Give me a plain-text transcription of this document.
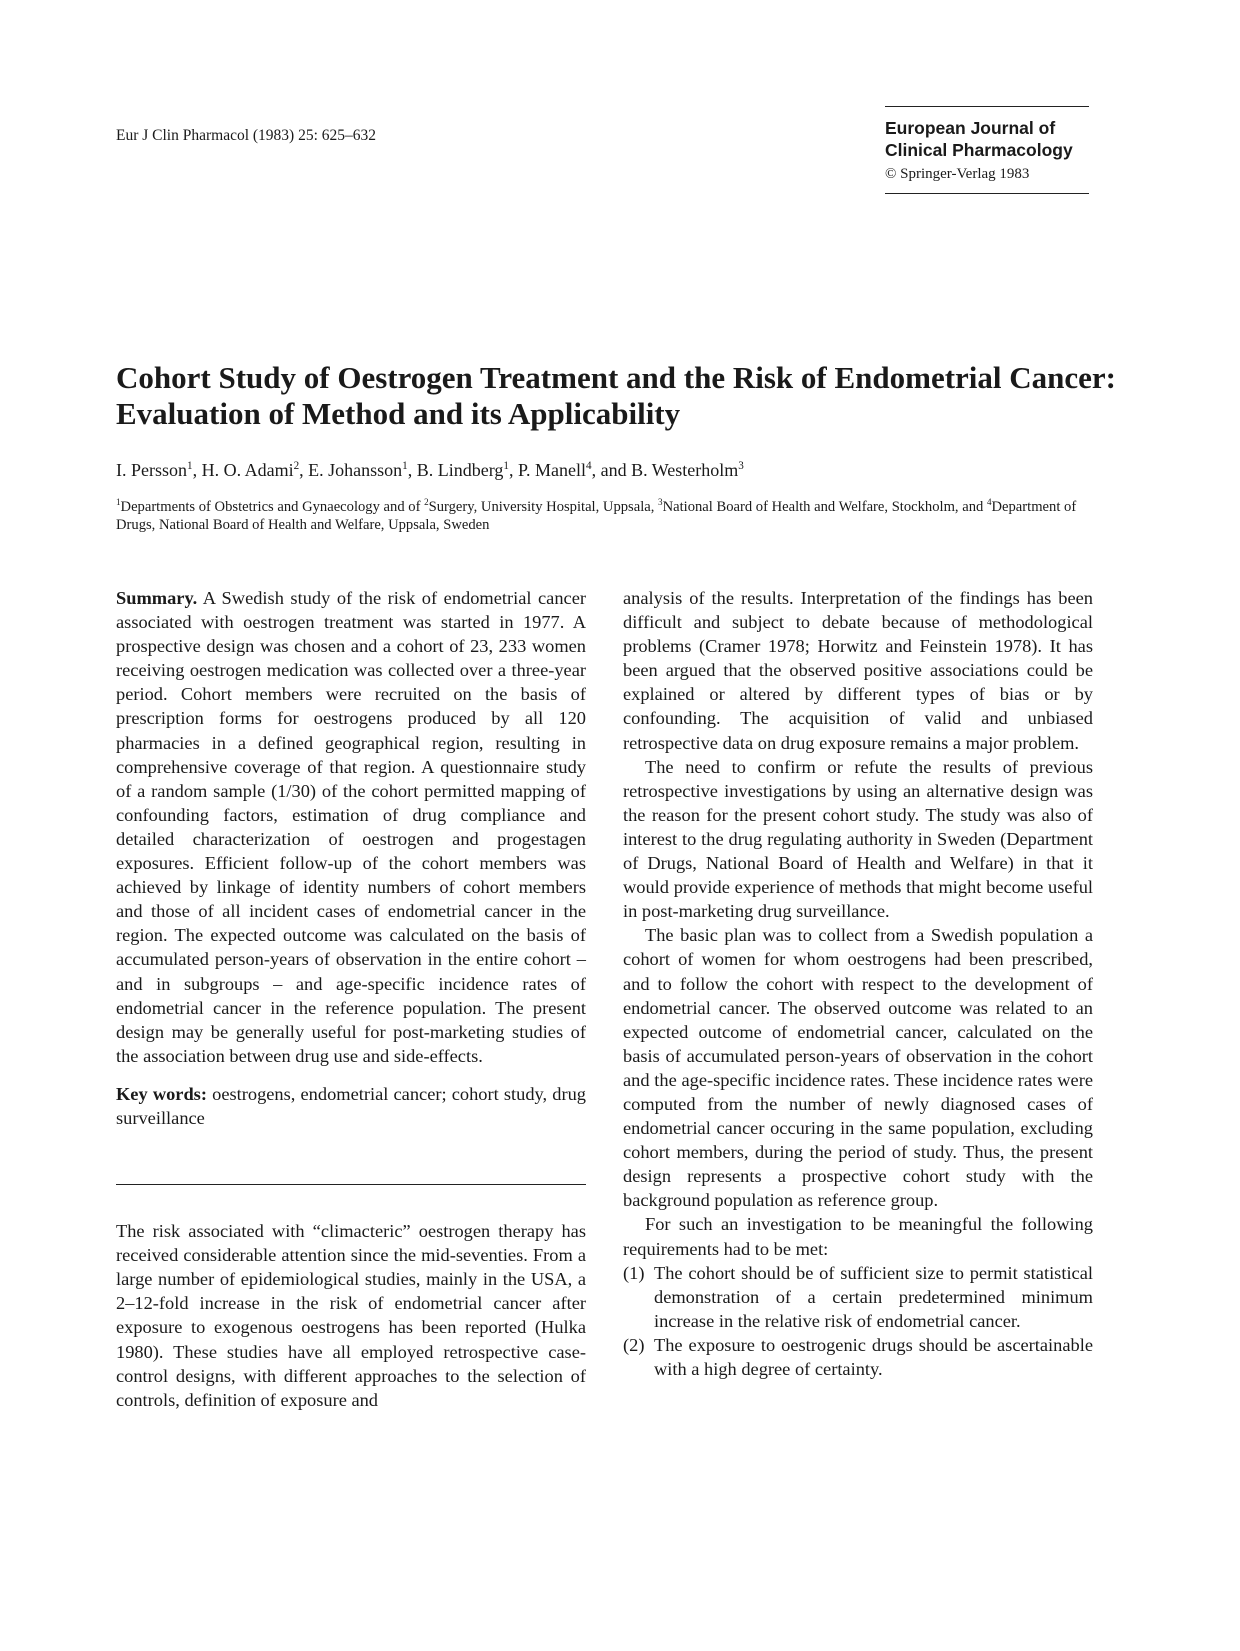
Eur J Clin Pharmacol (1983) 25: 625–632	European Journal of
Clinical Pharmacology
© Springer-Verlag 1983
Cohort Study of Oestrogen Treatment and the Risk of Endometrial Cancer: Evaluation of Method and its Applicability
I. Persson$^1$, H. O. Adami$^2$, E. Johansson$^1$, B. Lindberg$^1$, P. Manell$^4$, and B. Westerholm$^3$
$^1$Departments of Obstetrics and Gynaecology and of $^2$Surgery, University Hospital, Uppsala, $^3$National Board of Health and Welfare, Stockholm, and $^4$Department of Drugs, National Board of Health and Welfare, Uppsala, Sweden

Summary. A Swedish study of the risk of endometrial cancer associated with oestrogen treatment was started in 1977. A prospective design was chosen and a cohort of 23, 233 women receiving oestrogen medication was collected over a three-year period. Cohort members were recruited on the basis of prescription forms for oestrogens produced by all 120 pharmacies in a defined geographical region, resulting in comprehensive coverage of that region. A questionnaire study of a random sample (1/30) of the cohort permitted mapping of confounding factors, estimation of drug compliance and detailed characterization of oestrogen and progestagen exposures. Efficient follow-up of the cohort members was achieved by linkage of identity numbers of cohort members and those of all incident cases of endometrial cancer in the region. The expected outcome was calculated on the basis of accumulated person-years of observation in the entire cohort – and in subgroups – and age-specific incidence rates of endometrial cancer in the reference population. The present design may be generally useful for post-marketing studies of the association between drug use and side-effects.

Key words: oestrogens, endometrial cancer; cohort study, drug surveillance

The risk associated with “climacteric” oestrogen therapy has received considerable attention since the mid-seventies. From a large number of epidemiological studies, mainly in the USA, a 2–12-fold increase in the risk of endometrial cancer after exposure to exogenous oestrogens has been reported (Hulka 1980). These studies have all employed retrospective case-control designs, with different approaches to the selection of controls, definition of exposure and

analysis of the results. Interpretation of the findings has been difficult and subject to debate because of methodological problems (Cramer 1978; Horwitz and Feinstein 1978). It has been argued that the observed positive associations could be explained or altered by different types of bias or by confounding. The acquisition of valid and unbiased retrospective data on drug exposure remains a major problem.

The need to confirm or refute the results of previous retrospective investigations by using an alternative design was the reason for the present cohort study. The study was also of interest to the drug regulating authority in Sweden (Department of Drugs, National Board of Health and Welfare) in that it would provide experience of methods that might become useful in post-marketing drug surveillance.

The basic plan was to collect from a Swedish population a cohort of women for whom oestrogens had been prescribed, and to follow the cohort with respect to the development of endometrial cancer. The observed outcome was related to an expected outcome of endometrial cancer, calculated on the basis of accumulated person-years of observation in the cohort and the age-specific incidence rates. These incidence rates were computed from the number of newly diagnosed cases of endometrial cancer occuring in the same population, excluding cohort members, during the period of study. Thus, the present design represents a prospective cohort study with the background population as reference group.

For such an investigation to be meaningful the following requirements had to be met:

(1) The cohort should be of sufficient size to permit statistical demonstration of a certain predetermined minimum increase in the relative risk of endometrial cancer.
(2) The exposure to oestrogenic drugs should be ascertainable with a high degree of certainty.
